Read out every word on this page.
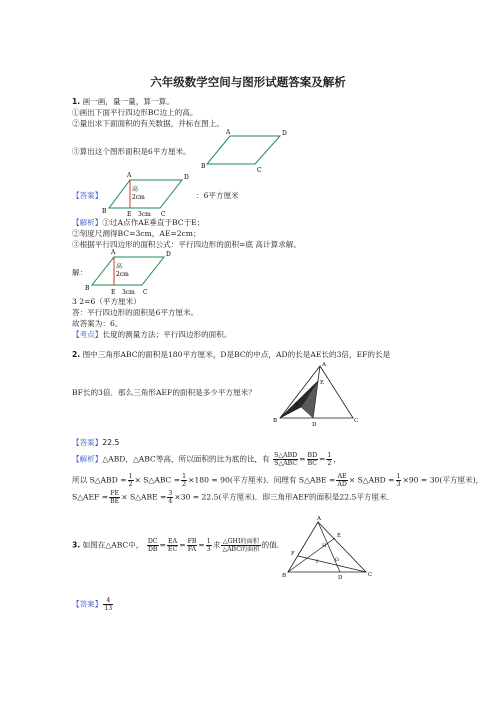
六年级数学空间与图形试题答案及解析
1. 画一画，量一量，算一算。
①画出下面平行四边形BC边上的高。
②量出求下面面积的有关数据，并标在图上。
③算出这个图形面积是6平方厘米。
A	D
B
C
【答案】	：6平方厘米
A	D
B	C
E
高
2cm
3cm
【解析】①过A点作AE垂直于BC于E；
②刻度尺测得BC=3cm，AE=2cm；
③根据平行四边形的面积公式：平行四边形的面积=底 高计算求解。
解：
A	D
B
C
E
高
2cm
3cm
3 2=6（平方厘米）
答：平行四边形的面积是6平方厘米。
故答案为：6。
【考点】长度的测量方法；平行四边形的面积。
2. 图中三角形ABC的面积是180平方厘米，D是BC的中点，AD的长是AE长的3倍，EF的长是
BF长的3倍．那么三角形AEF的面积是多少平方厘米？
A
B	C
D
E
F
【答案】22.5
【解析】△ABD，△ABC等高，所以面积的比为底的比，有 $\frac{\text{S△ABD}}{\text{S△ABC}} = \frac{BD}{BC} = \frac{1}{2}$ ，
所以 S△ABD = $\frac{1}{2}$ × S△ABC = $\frac{1}{2} \times 180 = 90$(平方厘米)．同理有 S△ABE = $\frac{AE}{AD}$ × S△ABD = $\frac{1}{3} \times 90 = 30$(平方厘米)，
S△AEF = $\frac{FE}{BE}$ × S△ABE = $\frac{3}{4} \times 30 = 22.5$(平方厘米)．即三角形AEF的面积是22.5平方厘米．
3. 如图在△ABC中， $\frac{DC}{DB} = \frac{EA}{EC} = \frac{FB}{FA} = \frac{1}{3}$ 求 $\frac{\text{△GHI的面积}}{\text{△ABC的面积}}$ 的值.
A
B	C
D
E
F
G
H
I
【答案】 $\frac{4}{13}$
